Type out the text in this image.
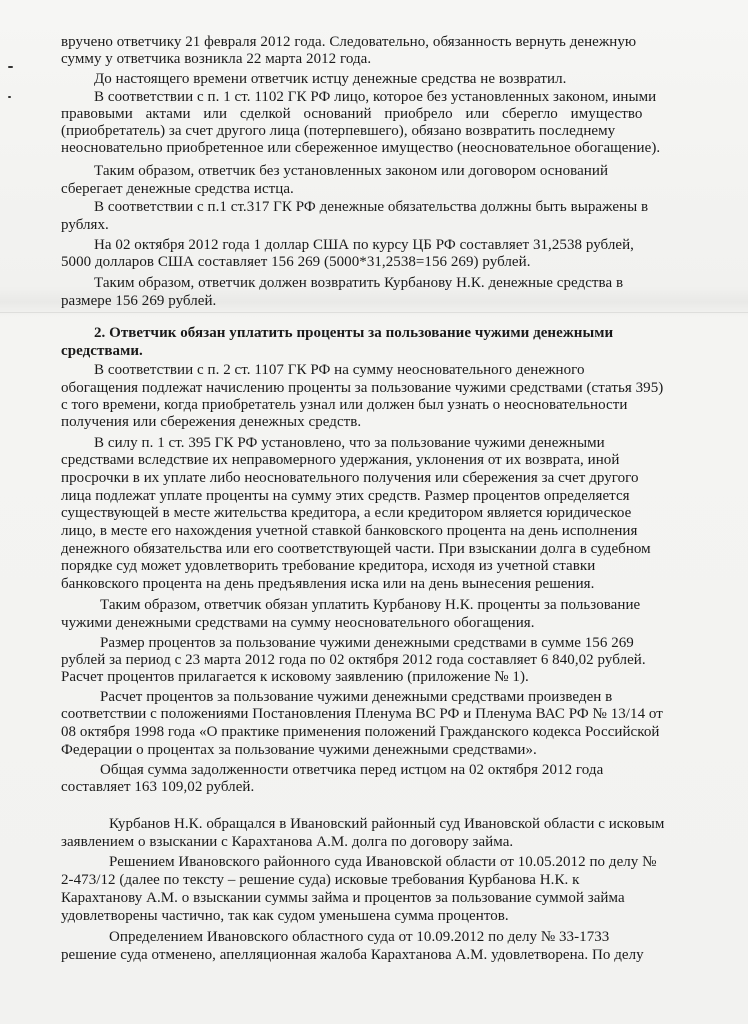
вручено ответчику 21 февраля 2012 года. Следовательно, обязанность вернуть денежную

сумму у ответчика возникла 22 марта 2012 года.

До настоящего времени ответчик истцу денежные средства не возвратил.

В соответствии с п. 1 ст. 1102 ГК РФ лицо, которое без установленных законом, иными

правовыми актами или сделкой оснований приобрело или сберегло имущество

(приобретатель) за счет другого лица (потерпевшего), обязано возвратить последнему

неосновательно приобретенное или сбереженное имущество (неосновательное обогащение).

Таким образом, ответчик без установленных законом или договором оснований

сберегает денежные средства истца.

В соответствии с п.1 ст.317 ГК РФ денежные обязательства должны быть выражены в

рублях.

На 02 октября 2012 года 1 доллар США по курсу ЦБ РФ составляет 31,2538 рублей,

5000 долларов США составляет 156 269 (5000*31,2538=156 269) рублей.

Таким образом, ответчик должен возвратить Курбанову Н.К. денежные средства в

размере 156 269 рублей.

2. Ответчик обязан уплатить проценты за пользование чужими денежными

средствами.

В соответствии с п. 2 ст. 1107 ГК РФ на сумму неосновательного денежного

обогащения подлежат начислению проценты за пользование чужими средствами (статья 395)

с того времени, когда приобретатель узнал или должен был узнать о неосновательности

получения или сбережения денежных средств.

В силу п. 1 ст. 395 ГК РФ установлено, что за пользование чужими денежными

средствами вследствие их неправомерного удержания, уклонения от их возврата, иной

просрочки в их уплате либо неосновательного получения или сбережения за счет другого

лица подлежат уплате проценты на сумму этих средств. Размер процентов определяется

существующей в месте жительства кредитора, а если кредитором является юридическое

лицо, в месте его нахождения учетной ставкой банковского процента на день исполнения

денежного обязательства или его соответствующей части. При взыскании долга в судебном

порядке суд может удовлетворить требование кредитора, исходя из учетной ставки

банковского процента на день предъявления иска или на день вынесения решения.

Таким образом, ответчик обязан уплатить Курбанову Н.К. проценты за пользование

чужими денежными средствами на сумму неосновательного обогащения.

Размер процентов за пользование чужими денежными средствами в сумме 156 269

рублей за период с 23 марта 2012 года по 02 октября 2012 года составляет 6 840,02 рублей.

Расчет процентов прилагается к исковому заявлению (приложение № 1).

Расчет процентов за пользование чужими денежными средствами произведен в

соответствии с положениями Постановления Пленума ВС РФ и Пленума ВАС РФ № 13/14 от

08 октября 1998 года «О практике применения положений Гражданского кодекса Российской

Федерации о процентах за пользование чужими денежными средствами».

Общая сумма задолженности ответчика перед истцом на 02 октября 2012 года

составляет 163 109,02 рублей.

Курбанов Н.К. обращался в Ивановский районный суд Ивановской области с исковым

заявлением о взыскании с Карахтанова А.М. долга по договору займа.

Решением Ивановского районного суда Ивановской области от 10.05.2012 по делу №

2-473/12 (далее по тексту – решение суда) исковые требования Курбанова Н.К. к

Карахтанову А.М. о взыскании суммы займа и процентов за пользование суммой займа

удовлетворены частично, так как судом уменьшена сумма процентов.

Определением Ивановского областного суда от 10.09.2012 по делу № 33-1733

решение суда отменено, апелляционная жалоба Карахтанова А.М. удовлетворена. По делу
